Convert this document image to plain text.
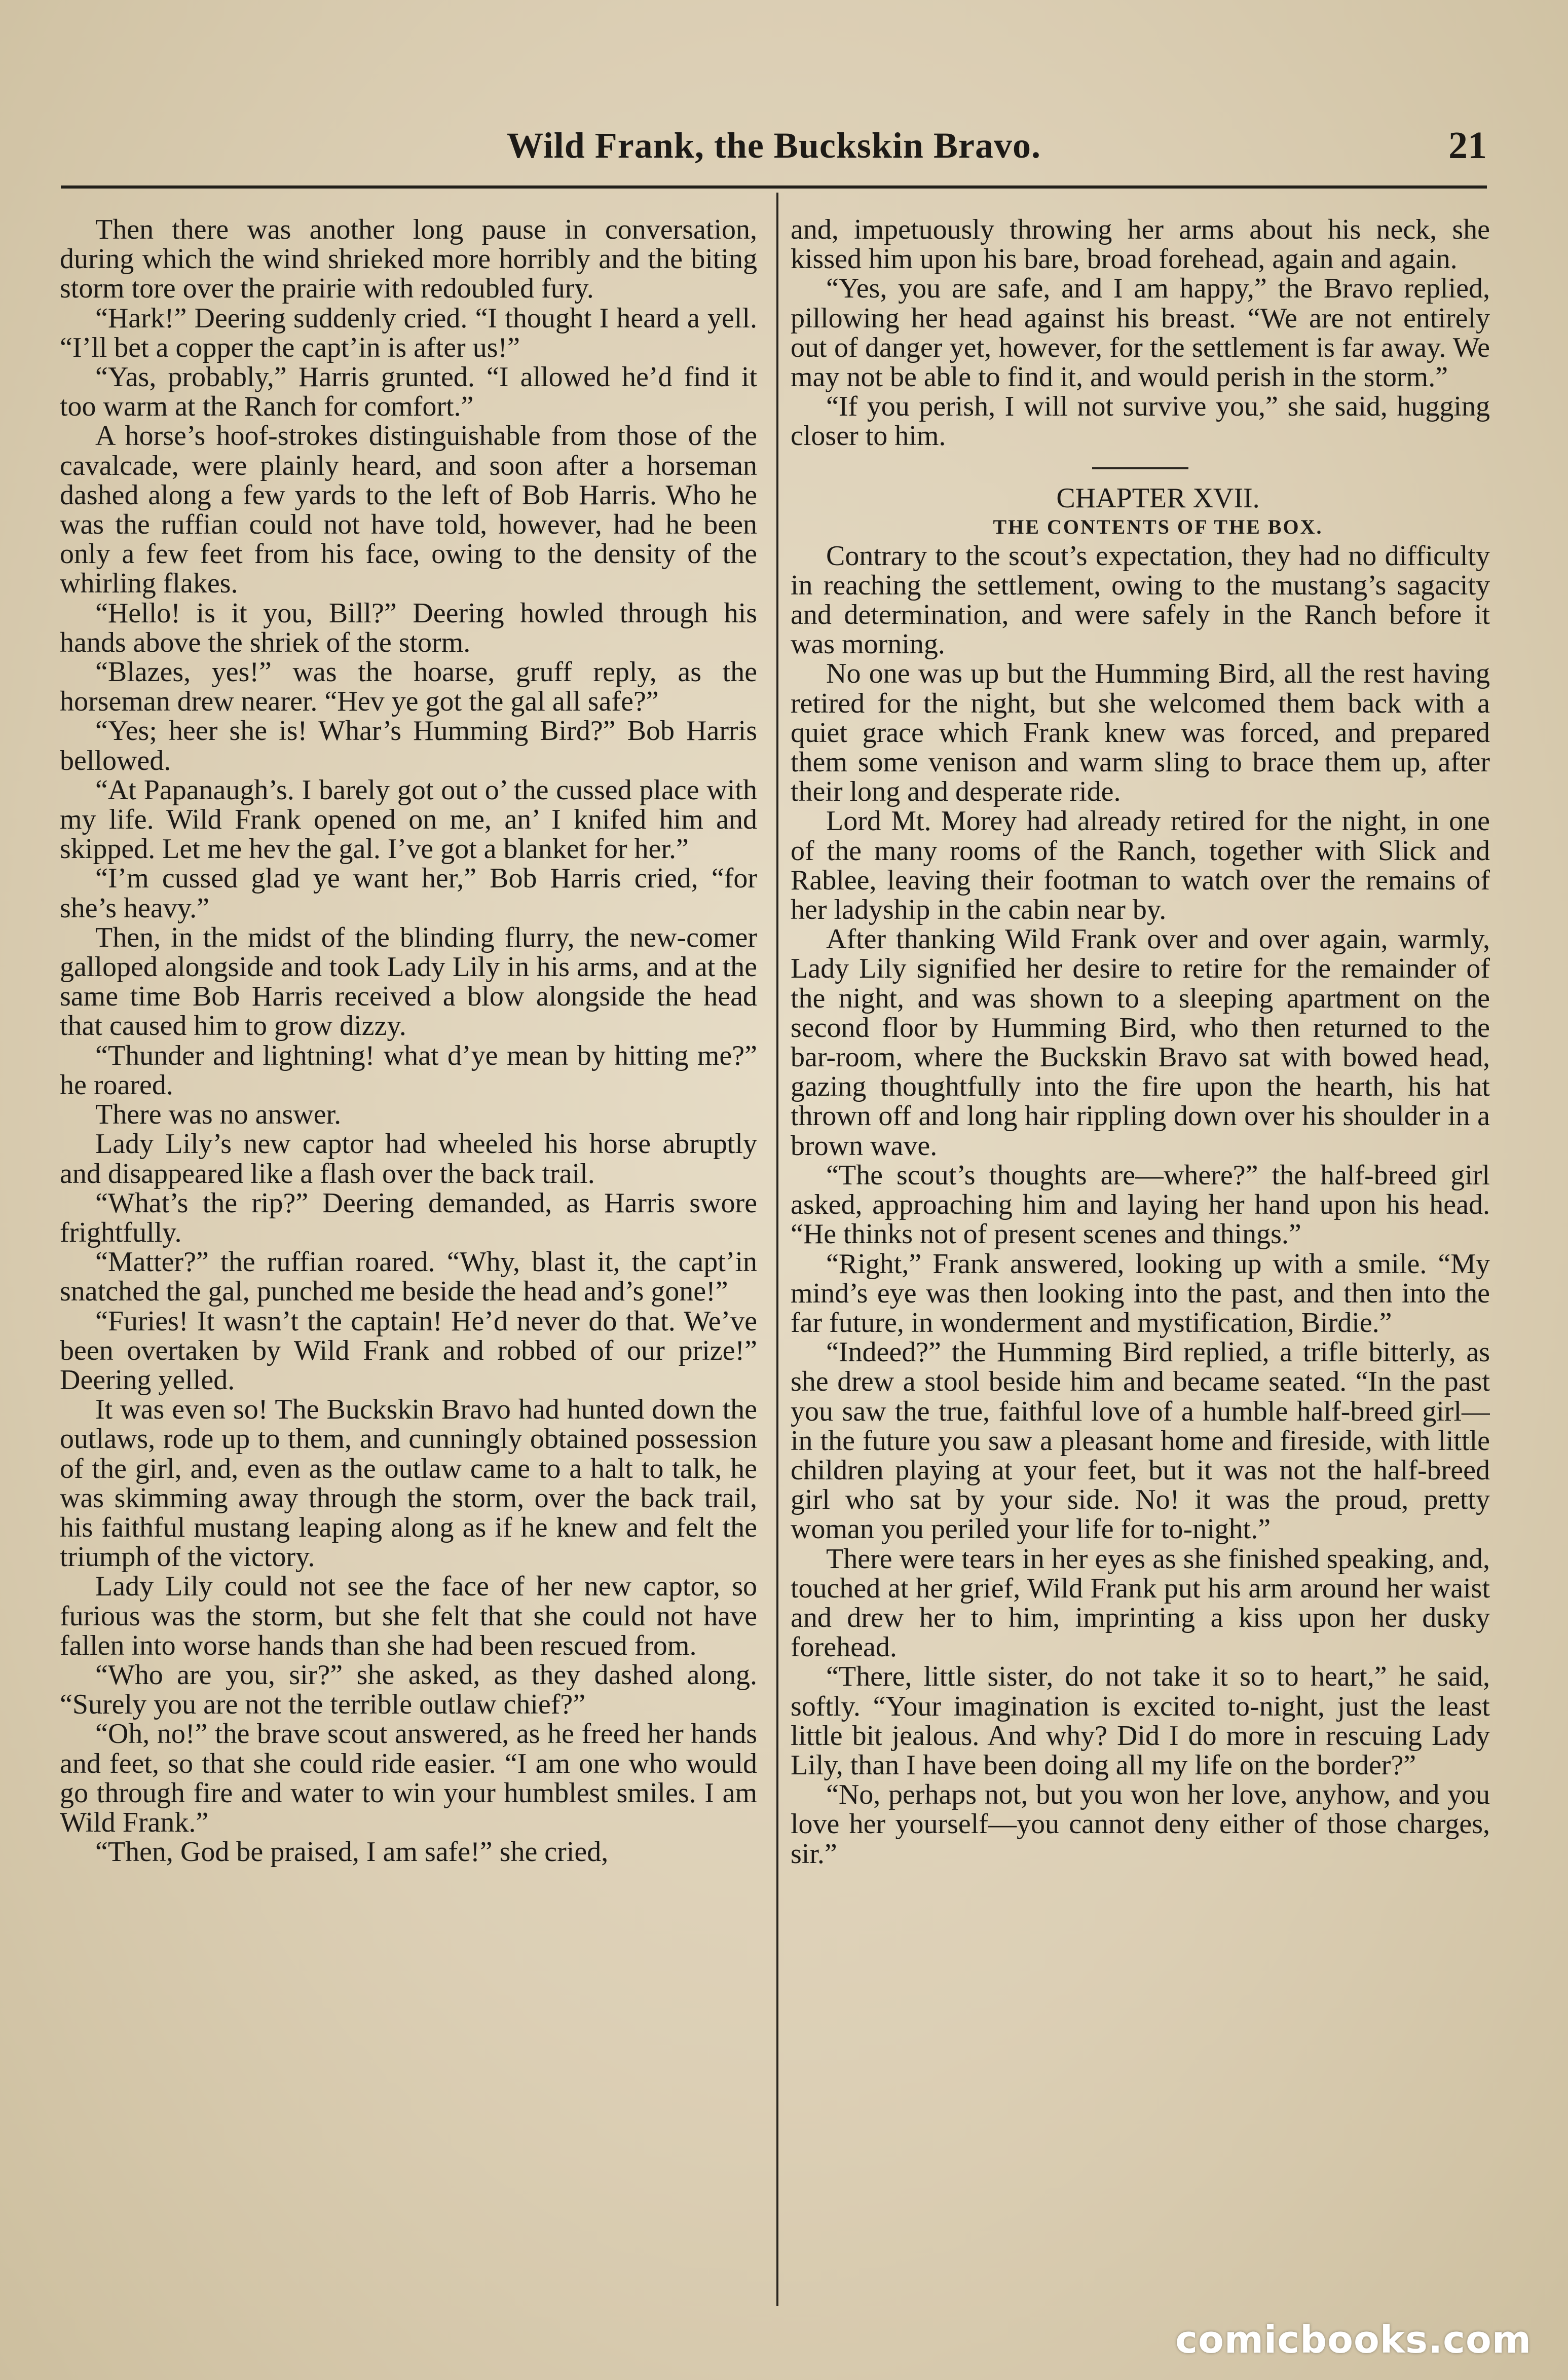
Wild Frank, the Buckskin Bravo.	21

Then there was another long pause in conversation, during which the wind shrieked more horribly and the biting storm tore over the prairie with redoubled fury.

“Hark!” Deering suddenly cried. “I thought I heard a yell. “I’ll bet a copper the capt’in is after us!”

“Yas, probably,” Harris grunted. “I allowed he’d find it too warm at the Ranch for comfort.”

A horse’s hoof-strokes distinguishable from those of the cavalcade, were plainly heard, and soon after a horseman dashed along a few yards to the left of Bob Harris. Who he was the ruffian could not have told, however, had he been only a few feet from his face, owing to the density of the whirling flakes.

“Hello! is it you, Bill?” Deering howled through his hands above the shriek of the storm.

“Blazes, yes!” was the hoarse, gruff reply, as the horseman drew nearer. “Hev ye got the gal all safe?”

“Yes; heer she is! Whar’s Humming Bird?” Bob Harris bellowed.

“At Papanaugh’s. I barely got out o’ the cussed place with my life. Wild Frank opened on me, an’ I knifed him and skipped. Let me hev the gal. I’ve got a blanket for her.”

“I’m cussed glad ye want her,” Bob Harris cried, “for she’s heavy.”

Then, in the midst of the blinding flurry, the new-comer galloped alongside and took Lady Lily in his arms, and at the same time Bob Harris received a blow alongside the head that caused him to grow dizzy.

“Thunder and lightning! what d’ye mean by hitting me?” he roared.

There was no answer.

Lady Lily’s new captor had wheeled his horse abruptly and disappeared like a flash over the back trail.

“What’s the rip?” Deering demanded, as Harris swore frightfully.

“Matter?” the ruffian roared. “Why, blast it, the capt’in snatched the gal, punched me beside the head and’s gone!”

“Furies! It wasn’t the captain! He’d never do that. We’ve been overtaken by Wild Frank and robbed of our prize!” Deering yelled.

It was even so! The Buckskin Bravo had hunted down the outlaws, rode up to them, and cunningly obtained possession of the girl, and, even as the outlaw came to a halt to talk, he was skimming away through the storm, over the back trail, his faithful mustang leaping along as if he knew and felt the triumph of the victory.

Lady Lily could not see the face of her new captor, so furious was the storm, but she felt that she could not have fallen into worse hands than she had been rescued from.

“Who are you, sir?” she asked, as they dashed along. “Surely you are not the terrible outlaw chief?”

“Oh, no!” the brave scout answered, as he freed her hands and feet, so that she could ride easier. “I am one who would go through fire and water to win your humblest smiles. I am Wild Frank.”

“Then, God be praised, I am safe!” she cried,

and, impetuously throwing her arms about his neck, she kissed him upon his bare, broad forehead, again and again.

“Yes, you are safe, and I am happy,” the Bravo replied, pillowing her head against his breast. “We are not entirely out of danger yet, however, for the settlement is far away. We may not be able to find it, and would perish in the storm.”

“If you perish, I will not survive you,” she said, hugging closer to him.

CHAPTER XVII.

THE CONTENTS OF THE BOX.

Contrary to the scout’s expectation, they had no difficulty in reaching the settlement, owing to the mustang’s sagacity and determination, and were safely in the Ranch before it was morning.

No one was up but the Humming Bird, all the rest having retired for the night, but she welcomed them back with a quiet grace which Frank knew was forced, and prepared them some venison and warm sling to brace them up, after their long and desperate ride.

Lord Mt. Morey had already retired for the night, in one of the many rooms of the Ranch, together with Slick and Rablee, leaving their footman to watch over the remains of her ladyship in the cabin near by.

After thanking Wild Frank over and over again, warmly, Lady Lily signified her desire to retire for the remainder of the night, and was shown to a sleeping apartment on the second floor by Humming Bird, who then returned to the bar-room, where the Buckskin Bravo sat with bowed head, gazing thoughtfully into the fire upon the hearth, his hat thrown off and long hair rippling down over his shoulder in a brown wave.

“The scout’s thoughts are—where?” the half-breed girl asked, approaching him and laying her hand upon his head. “He thinks not of present scenes and things.”

“Right,” Frank answered, looking up with a smile. “My mind’s eye was then looking into the past, and then into the far future, in wonderment and mystification, Birdie.”

“Indeed?” the Humming Bird replied, a trifle bitterly, as she drew a stool beside him and became seated. “In the past you saw the true, faithful love of a humble half-breed girl—in the future you saw a pleasant home and fireside, with little children playing at your feet, but it was not the half-breed girl who sat by your side. No! it was the proud, pretty woman you periled your life for to-night.”

There were tears in her eyes as she finished speaking, and, touched at her grief, Wild Frank put his arm around her waist and drew her to him, imprinting a kiss upon her dusky forehead.

“There, little sister, do not take it so to heart,” he said, softly. “Your imagination is excited to-night, just the least little bit jealous. And why? Did I do more in rescuing Lady Lily, than I have been doing all my life on the border?”

“No, perhaps not, but you won her love, anyhow, and you love her yourself—you cannot deny either of those charges, sir.”

comicbooks.com
